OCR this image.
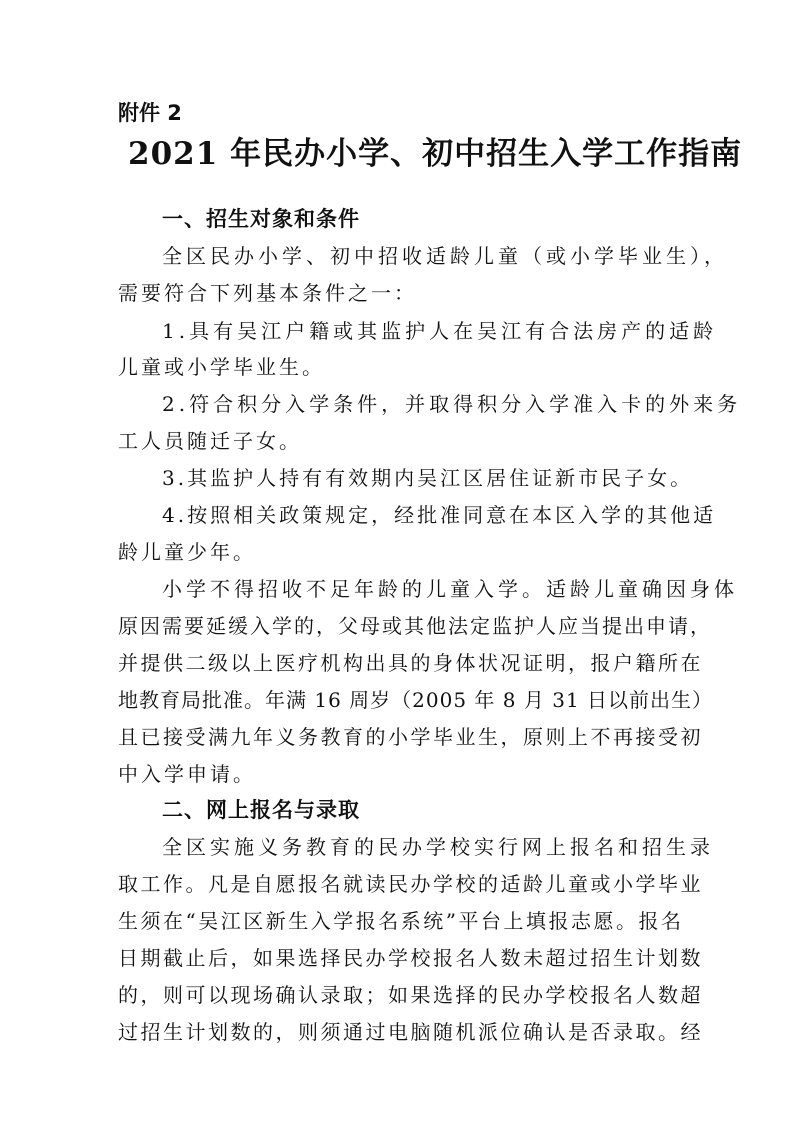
附件 2
2021 年民办小学、初中招生入学工作指南
一、招生对象和条件
全区民办小学、初中招收适龄儿童（或小学毕业生），
需要符合下列基本条件之一：
1.具有吴江户籍或其监护人在吴江有合法房产的适龄
儿童或小学毕业生。
2.符合积分入学条件，并取得积分入学准入卡的外来务
工人员随迁子女。
3.其监护人持有有效期内吴江区居住证新市民子女。
4.按照相关政策规定，经批准同意在本区入学的其他适
龄儿童少年。
小学不得招收不足年龄的儿童入学。适龄儿童确因身体
原因需要延缓入学的，父母或其他法定监护人应当提出申请，
并提供二级以上医疗机构出具的身体状况证明，报户籍所在
地教育局批准。年满 16 周岁（2005 年 8 月 31 日以前出生）
且已接受满九年义务教育的小学毕业生，原则上不再接受初
中入学申请。
二、网上报名与录取
全区实施义务教育的民办学校实行网上报名和招生录
取工作。凡是自愿报名就读民办学校的适龄儿童或小学毕业
生须在“吴江区新生入学报名系统”平台上填报志愿。报名
日期截止后，如果选择民办学校报名人数未超过招生计划数
的，则可以现场确认录取；如果选择的民办学校报名人数超
过招生计划数的，则须通过电脑随机派位确认是否录取。经
